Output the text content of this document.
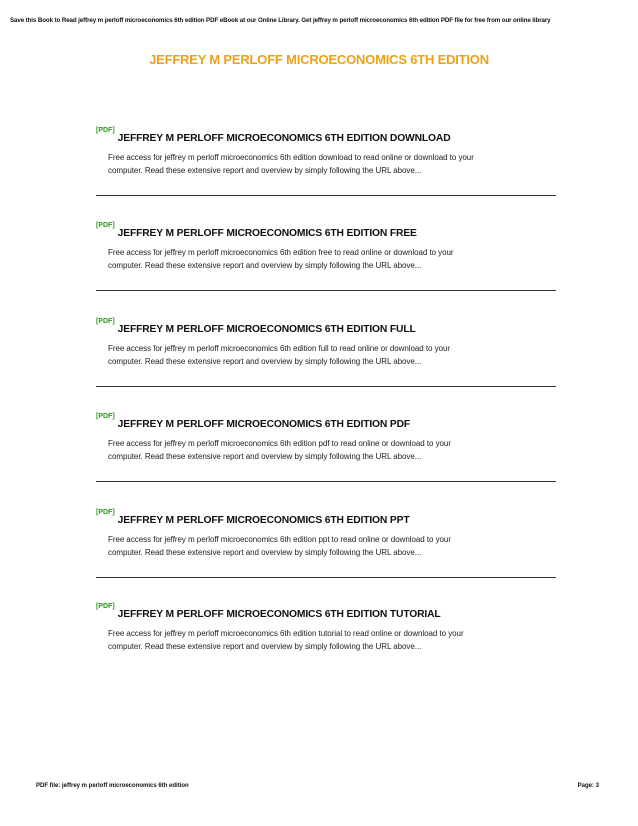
Save this Book to Read jeffrey m perloff microeconomics 6th edition PDF eBook at our Online Library. Get jeffrey m perloff microeconomics 6th edition PDF file for free from our online library
JEFFREY M PERLOFF MICROECONOMICS 6TH EDITION
[PDF]JEFFREY M PERLOFF MICROECONOMICS 6TH EDITION DOWNLOAD
Free access for jeffrey m perloff microeconomics 6th edition download to read online or download to your
computer. Read these extensive report and overview by simply following the URL above...
[PDF]JEFFREY M PERLOFF MICROECONOMICS 6TH EDITION FREE
Free access for jeffrey m perloff microeconomics 6th edition free to read online or download to your
computer. Read these extensive report and overview by simply following the URL above...
[PDF]JEFFREY M PERLOFF MICROECONOMICS 6TH EDITION FULL
Free access for jeffrey m perloff microeconomics 6th edition full to read online or download to your
computer. Read these extensive report and overview by simply following the URL above...
[PDF]JEFFREY M PERLOFF MICROECONOMICS 6TH EDITION PDF
Free access for jeffrey m perloff microeconomics 6th edition pdf to read online or download to your
computer. Read these extensive report and overview by simply following the URL above...
[PDF]JEFFREY M PERLOFF MICROECONOMICS 6TH EDITION PPT
Free access for jeffrey m perloff microeconomics 6th edition ppt to read online or download to your
computer. Read these extensive report and overview by simply following the URL above...
[PDF]JEFFREY M PERLOFF MICROECONOMICS 6TH EDITION TUTORIAL
Free access for jeffrey m perloff microeconomics 6th edition tutorial to read online or download to your
computer. Read these extensive report and overview by simply following the URL above...
PDF file: jeffrey m perloff microeconomics 6th edition	Page: 3
